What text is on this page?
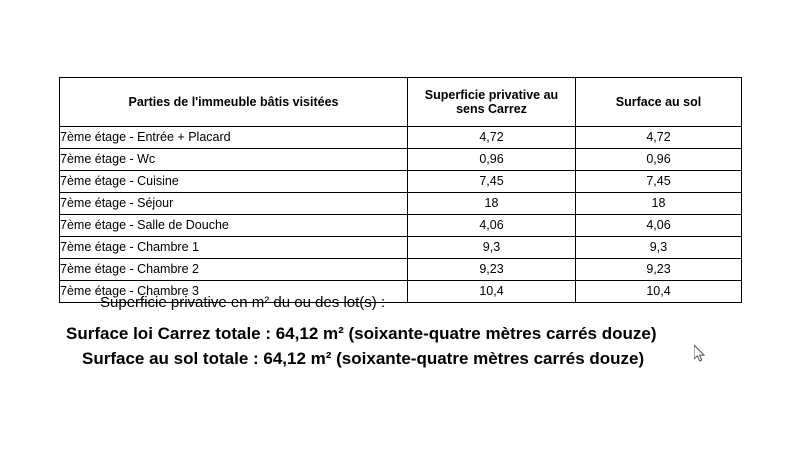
Parties de l'immeuble bâtis visitées	Superficie privative au sens Carrez	Surface au sol
7ème étage - Entrée + Placard	4,72	4,72
7ème étage - Wc	0,96	0,96
7ème étage - Cuisine	7,45	7,45
7ème étage - Séjour	18	18
7ème étage - Salle de Douche	4,06	4,06
7ème étage - Chambre 1	9,3	9,3
7ème étage - Chambre 2	9,23	9,23
7ème étage - Chambre 3	10,4	10,4
Superficie privative en m² du ou des lot(s) :
Surface loi Carrez totale : 64,12 m² (soixante-quatre mètres carrés douze)
Surface au sol totale : 64,12 m² (soixante-quatre mètres carrés douze)
